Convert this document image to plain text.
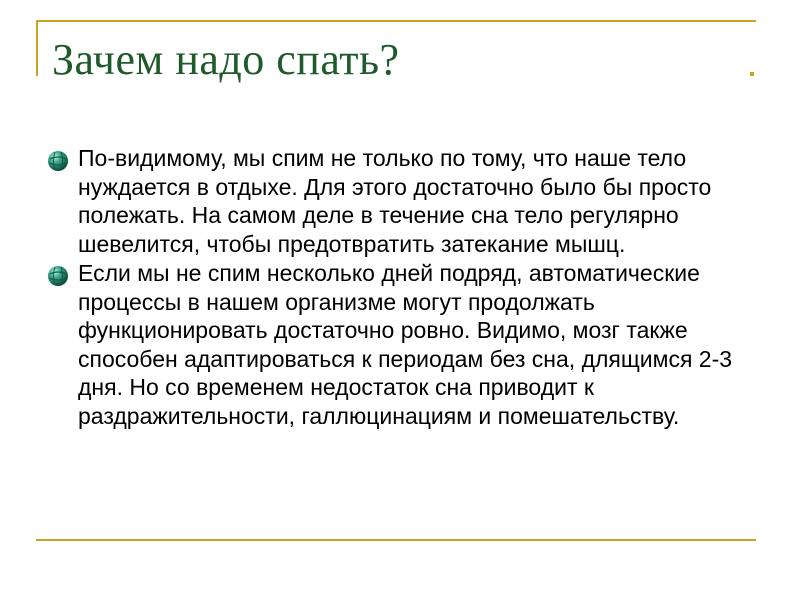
Зачем надо спать?
По-видимому, мы спим не только по тому, что наше тело нуждается в отдыхе. Для этого достаточно было бы просто полежать. На самом деле в течение сна тело регулярно шевелится, чтобы предотвратить затекание мышц.
Если мы не спим несколько дней подряд, автоматические процессы в нашем организме могут продолжать функционировать достаточно ровно. Видимо, мозг также способен адаптироваться к периодам без сна, длящимся 2-3 дня. Но со временем недостаток сна приводит к раздражительности, галлюцинациям и помешательству.
